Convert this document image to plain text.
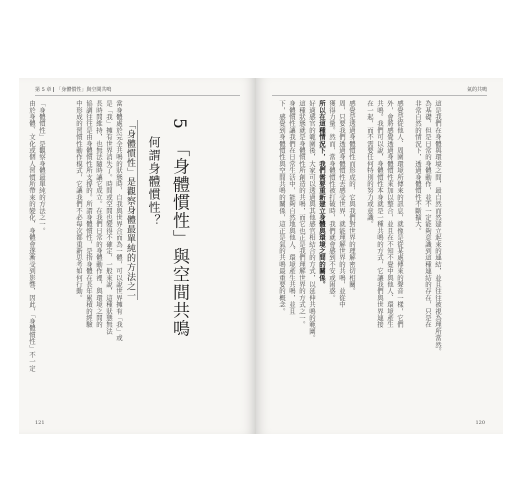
第 5 章 「身體慣性」與空間共鳴
由於身體、文化或個人習慣所帶來的變化，身體會逐漸受到影響，因此，「身體慣性」不一定 「身體慣性」是觀察身體最單純的方法之一。	中形成的習慣性動作模式，它讓我們不必每次都重新思考如何行動。 協調往往是由身體慣性所支撐的。所謂身體慣性，是指身體在長年累積的經驗 長時間維持，也無法隨時讓它成立。在我們日常的身體動作裡，與環境之間的 是「我」擁有世界消失了。時間或空間也變得不確定，一般來說，這種狀態無法 當身體處於完全共鳴的狀態時，自我與世界合而為一體，可以說世界擁有「我」或 「身體慣性」是觀察身體最單純的方法之一 何謂身體慣性？
5　「身體慣性」與空間共鳴
121
氣的共鳴
下，感覺到身體慣性與空間共鳴的關係，這正是氣的共鳴最重要的概念。 身體慣性讓我們在日常生活中，能夠自然地與他人、環境產生共鳴，並且 這種狀態就是身體慣性所創造的共鳴，而它也正是我們理解世界的方式之一。 好適感官的範圍後，大家可以透過與其他感官相結合的方式，以延伸共鳴的範圍。 所以在這種情況下，我們需要重新建立身體與環境之間的關係。 獲得力量。然而，當身體慣性被打破時，我們就會感到不安或困惑。 周，只要我們透過身體慣性去感受世界，就能理解世界的共鳴，並從中 感覺是透過身體慣性而形成的，它與我們對世界的理解密切相關。 在一起，而不需要任何特別的努力或意識。 共鳴。我們可以說，身體慣性本身就是一種共鳴的方式，它讓我們與世界連接 外，會將感覺透過身體慣性來加以整合，並且在不知不覺中與他人、環境產生 感覺是從他人、周圍環境所傳來的訊息，就像是從某處傳來的聲音一樣，它們 非常自然的情況下，透過身體慣性不斷擴大。 為基礎，但是日常的身體動作，並不一定能夠意識到這種連結的存在，只是在 這是我們在身體與環境之間，最自然而然建立起來的連結，並且往往被視為理所當然。
120
